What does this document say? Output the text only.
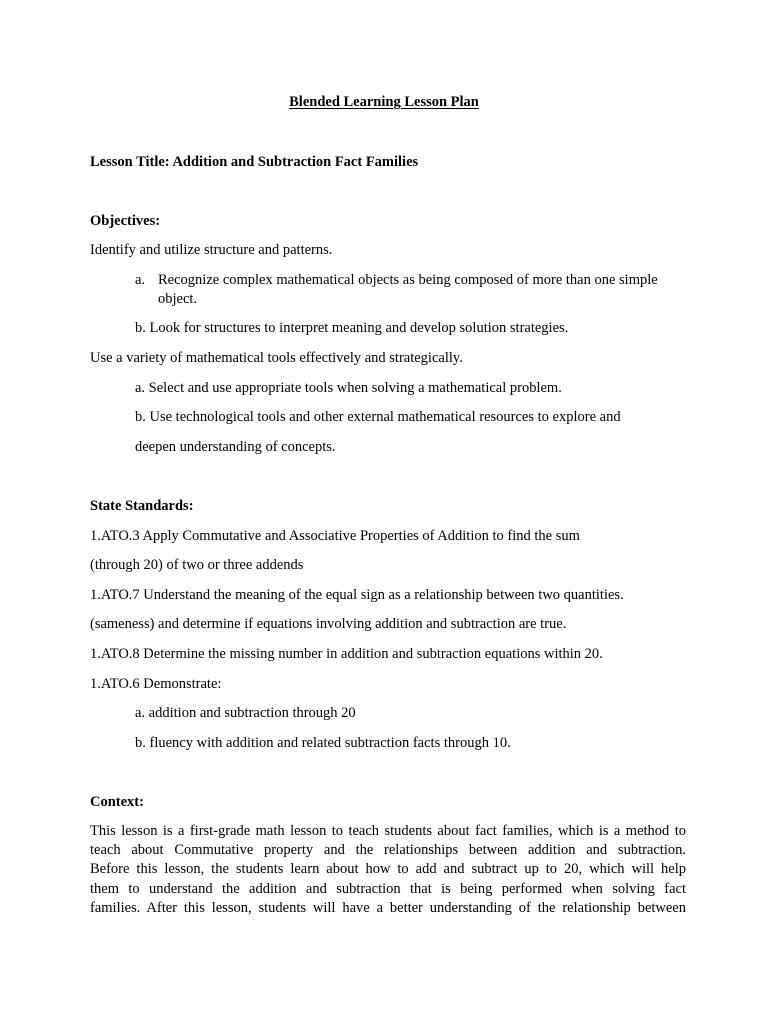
Blended Learning Lesson Plan
Lesson Title: Addition and Subtraction Fact Families
Objectives:
Identify and utilize structure and patterns.
a. Recognize complex mathematical objects as being composed of more than one simple
object.
b. Look for structures to interpret meaning and develop solution strategies.
Use a variety of mathematical tools effectively and strategically.
a. Select and use appropriate tools when solving a mathematical problem.
b. Use technological tools and other external mathematical resources to explore and
deepen understanding of concepts.
State Standards:
1.ATO.3 Apply Commutative and Associative Properties of Addition to find the sum
(through 20) of two or three addends
1.ATO.7 Understand the meaning of the equal sign as a relationship between two quantities.
(sameness) and determine if equations involving addition and subtraction are true.
1.ATO.8 Determine the missing number in addition and subtraction equations within 20.
1.ATO.6 Demonstrate:
a. addition and subtraction through 20
b. fluency with addition and related subtraction facts through 10.
Context:
This lesson is a first-grade math lesson to teach students about fact families, which is a method to
teach about Commutative property and the relationships between addition and subtraction.
Before this lesson, the students learn about how to add and subtract up to 20, which will help
them to understand the addition and subtraction that is being performed when solving fact
families. After this lesson, students will have a better understanding of the relationship between
